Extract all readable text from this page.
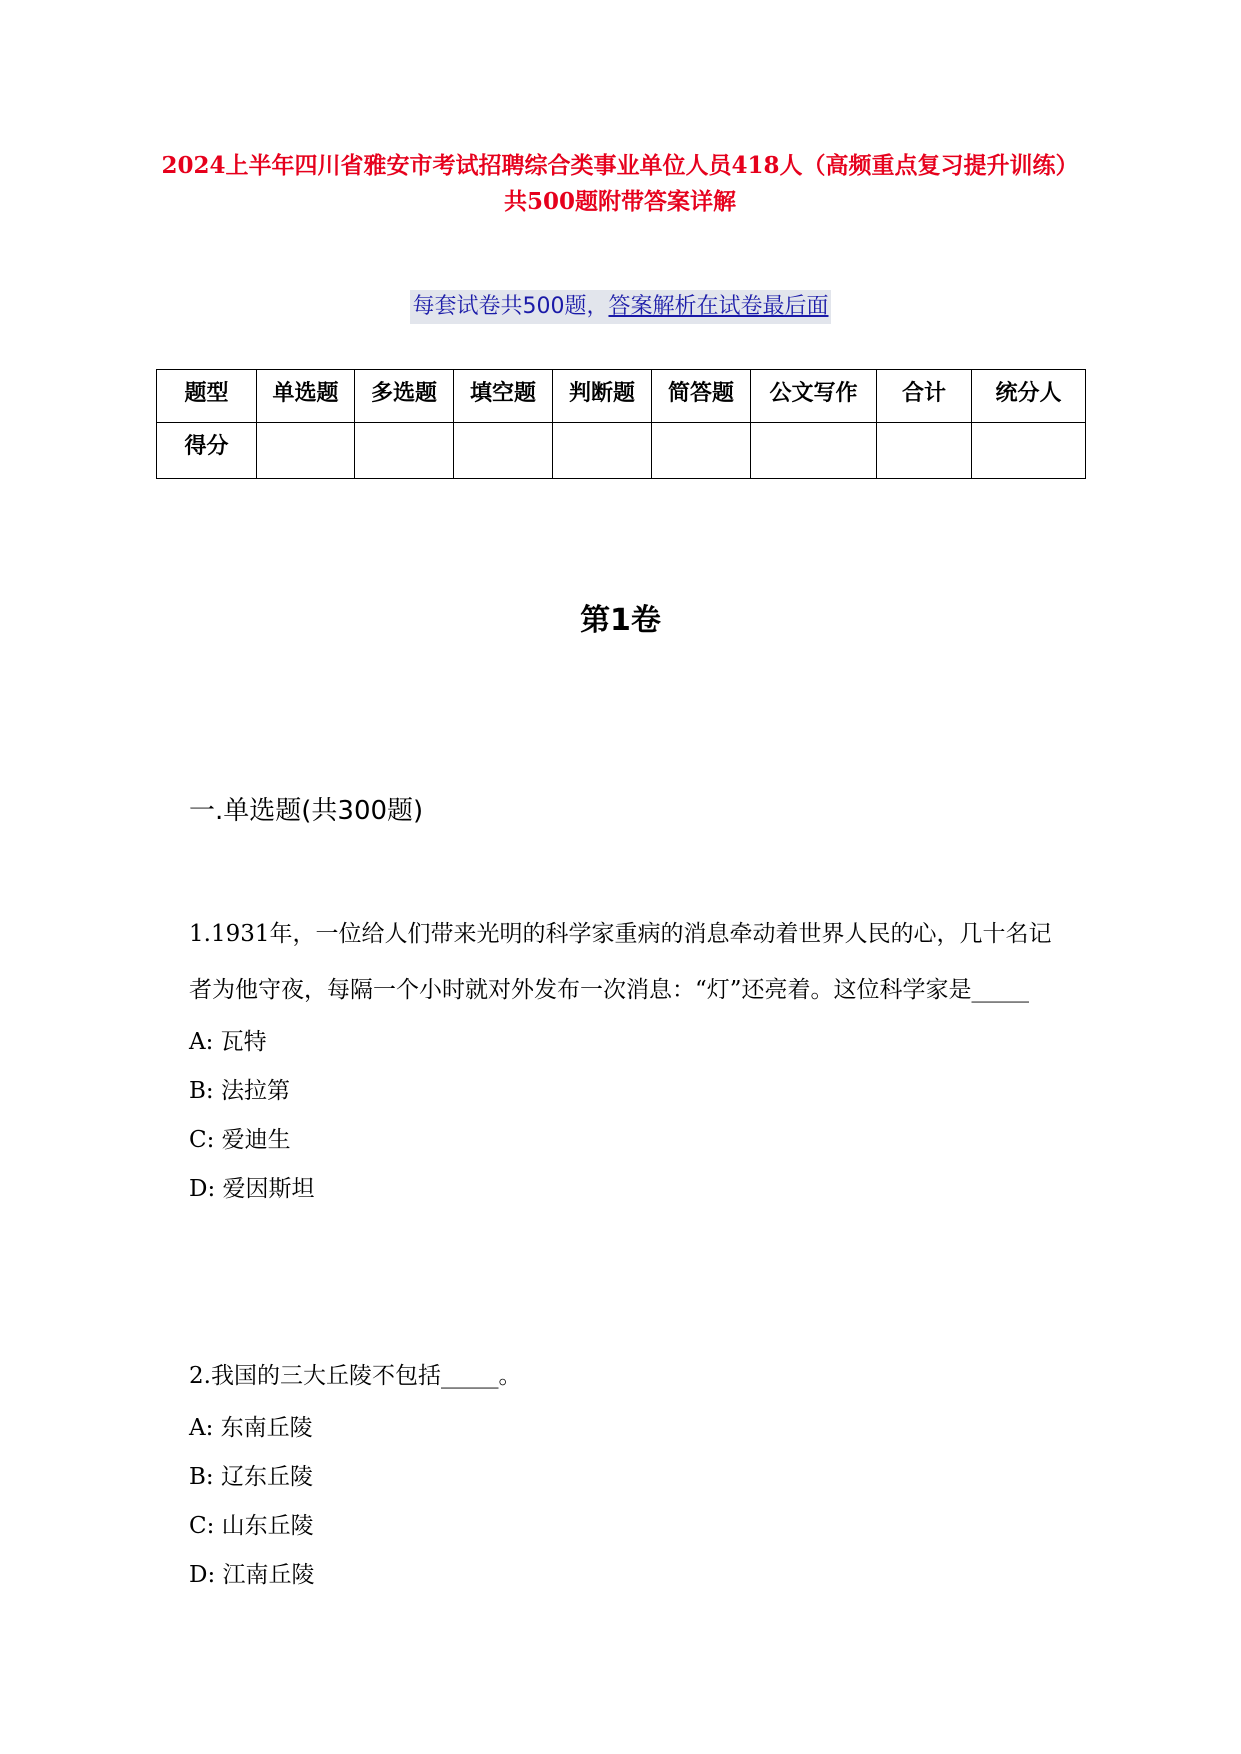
2024上半年四川省雅安市考试招聘综合类事业单位人员418人（高频重点复习提升训练）共500题附带答案详解
每套试卷共500题，答案解析在试卷最后面
题型	单选题	多选题	填空题	判断题	简答题	公文写作	合计	统分人
得分								
第1卷
一.单选题(共300题)

1.1931年，一位给人们带来光明的科学家重病的消息牵动着世界人民的心，几十名记者为他守夜，每隔一个小时就对外发布一次消息：“灯”还亮着。这位科学家是_____

A: 瓦特

B: 法拉第

C: 爱迪生

D: 爱因斯坦

2.我国的三大丘陵不包括_____。

A: 东南丘陵

B: 辽东丘陵

C: 山东丘陵

D: 江南丘陵
